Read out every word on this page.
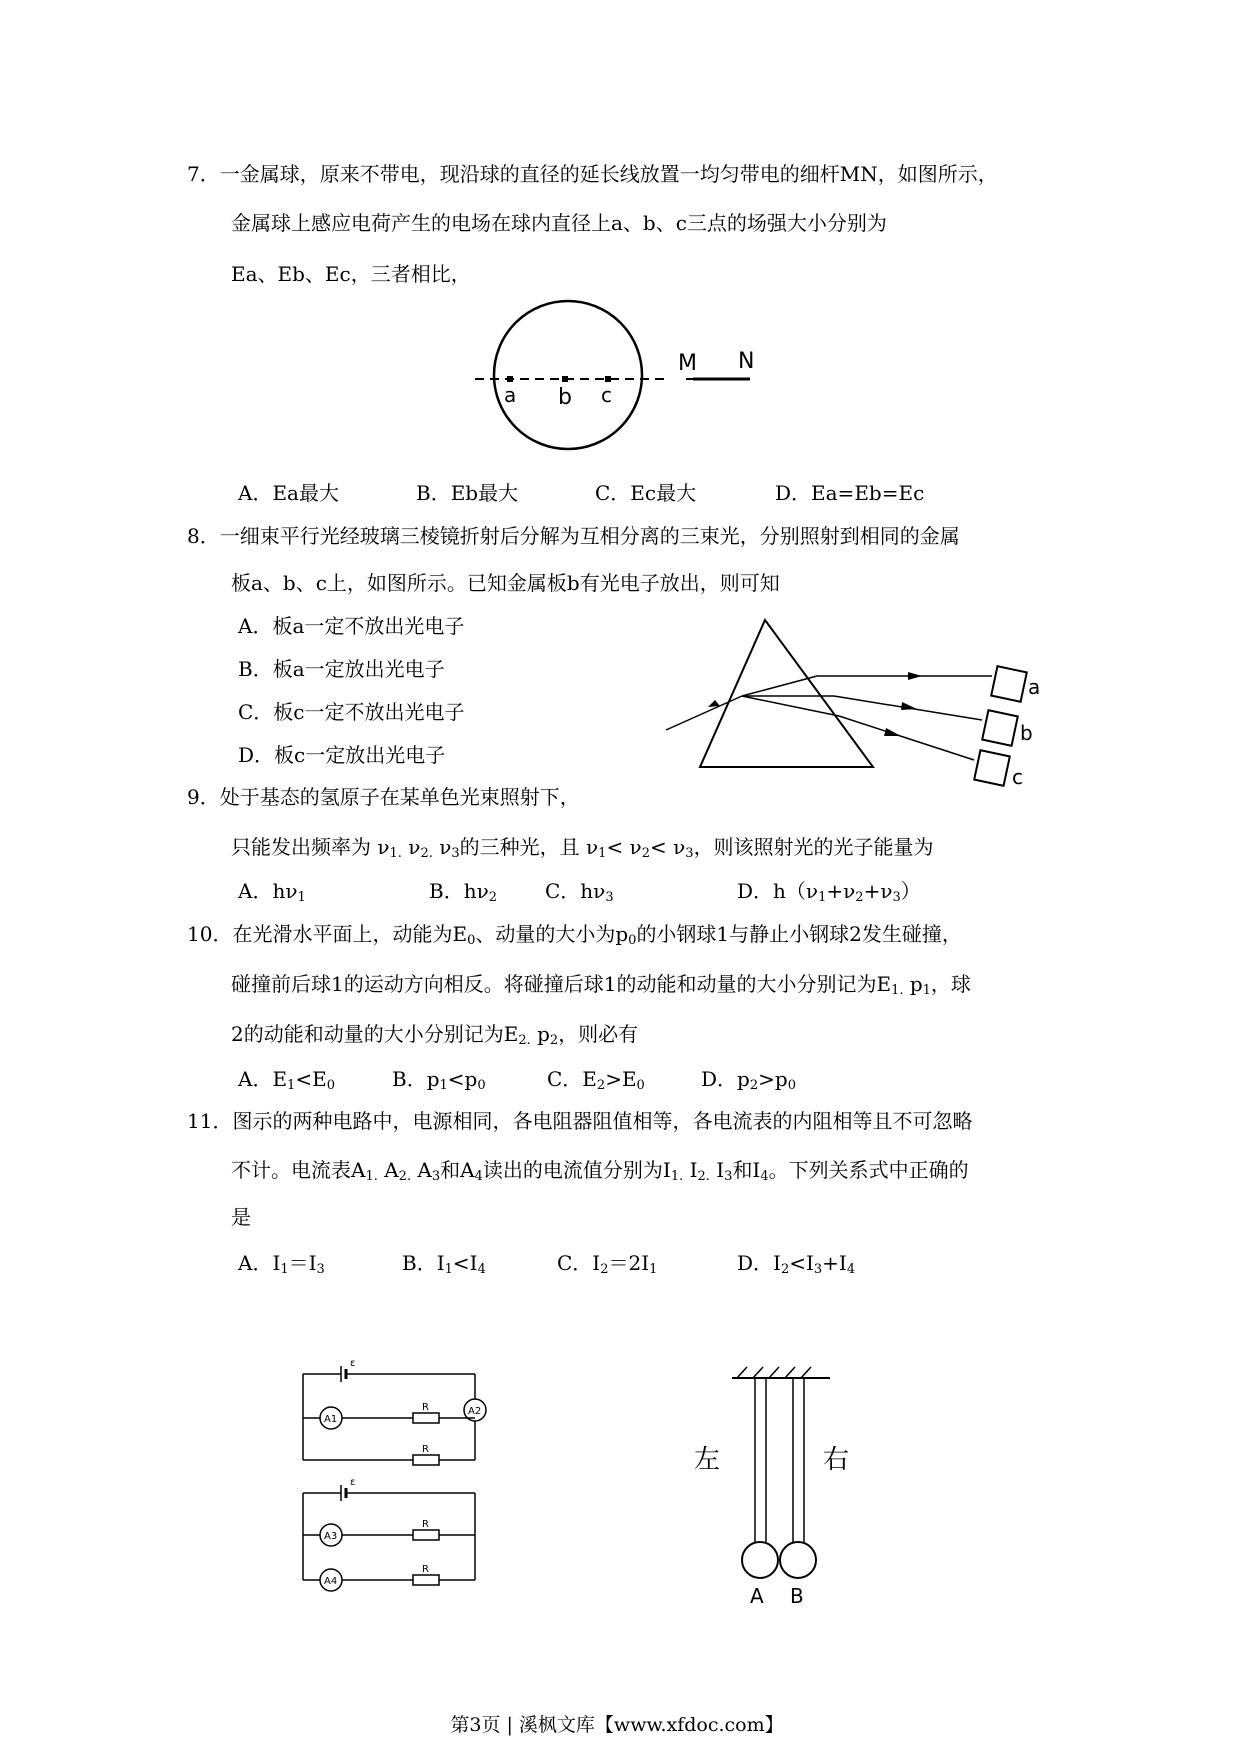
7．一金属球，原来不带电，现沿球的直径的延长线放置一均匀带电的细杆MN，如图所示，
金属球上感应电荷产生的电场在球内直径上a、b、c三点的场强大小分别为
Ea、Eb、Ec，三者相比，
a b c
M N
A．Ea最大	B．Eb最大	C．Ec最大	D．Ea=Eb=Ec
8．一细束平行光经玻璃三棱镜折射后分解为互相分离的三束光，分别照射到相同的金属
板a、b、c上，如图所示。已知金属板b有光电子放出，则可知
A．板a一定不放出光电子
B．板a一定放出光电子
C．板c一定不放出光电子
D．板c一定放出光电子
a
b
c
9．处于基态的氢原子在某单色光束照射下，
只能发出频率为 $\nu_{1.}$ $\nu_{2.}$ $\nu_3$的三种光，且 $\nu_1< \nu_2< \nu_3$，则该照射光的光子能量为
A．$h\nu_1$	B．$h\nu_2$ C．$h\nu_3$	D．$h(\nu_1+\nu_2+\nu_3)$
10．在光滑水平面上，动能为$E_0$、动量的大小为$p_0$的小钢球1与静止小钢球2发生碰撞，
碰撞前后球1的运动方向相反。将碰撞后球1的动能和动量的大小分别记为$E_{1.}$ $p_1$，球
2的动能和动量的大小分别记为$E_{2.}$ $p_2$，则必有
A．$E_1<E_0$	B．$p_1<p_0$	C．$E_2>E_0$	D．$p_2>p_0$
11．图示的两种电路中，电源相同，各电阻器阻值相等，各电流表的内阻相等且不可忽略
不计。电流表$A_{1.}$ $A_{2.}$ $A_3$和$A_4$读出的电流值分别为$I_{1.}$ $I_{2.}$ $I_3$和$I_4$。下列关系式中正确的
是
A．$I_1=I_3$	B．$I_1<I_4$	C．$I_2=2I_1$	D．$I_2<I_3+I_4$
ε
ε
A1
A2
A3
A4
R
R
R
R
左	右
A B
第3页 | 溪枫文库【www.xfdoc.com】
